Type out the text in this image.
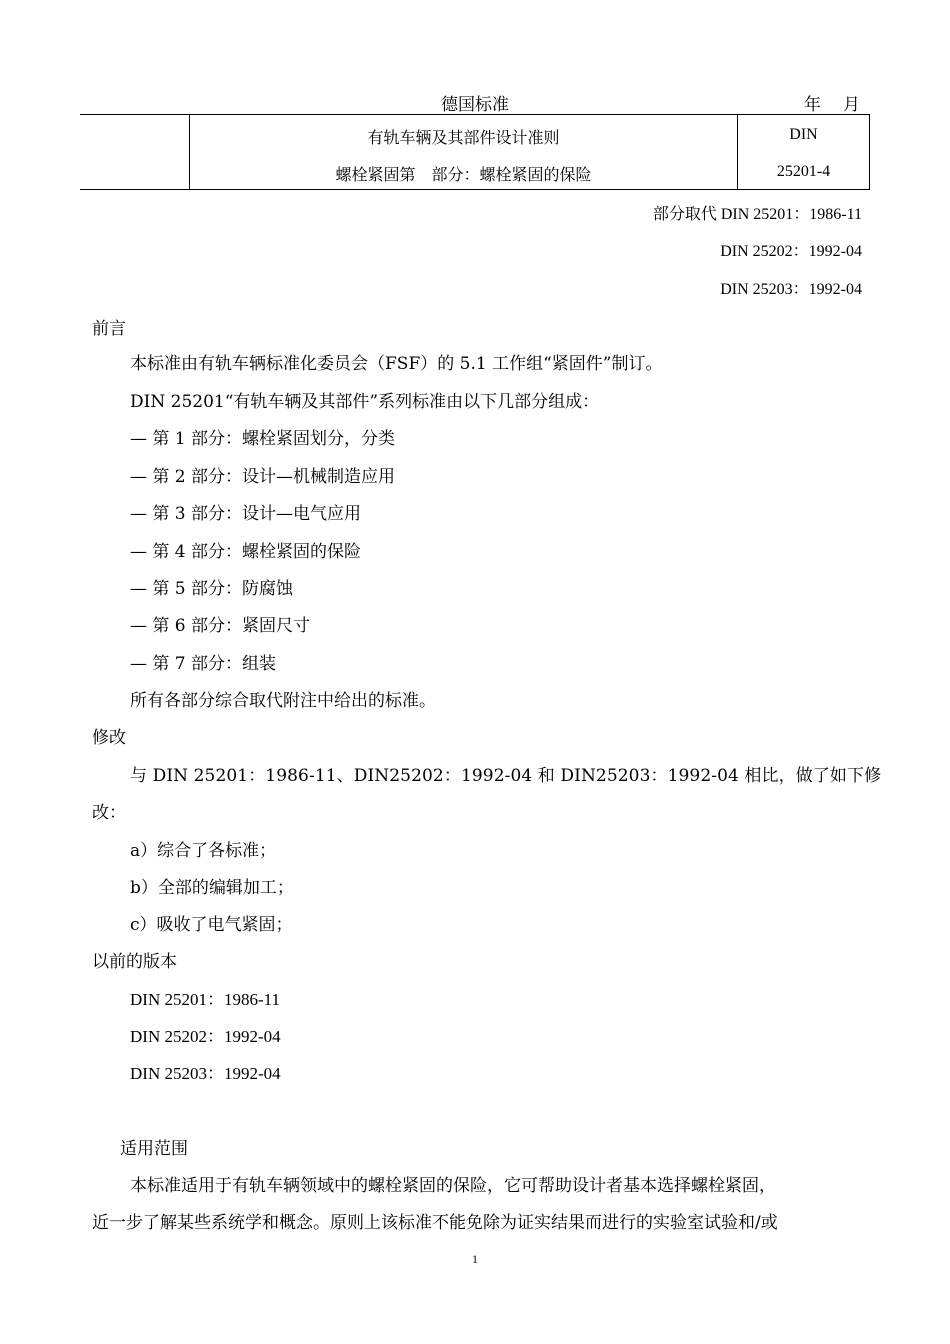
德国标准	年 月
有轨车辆及其部件设计准则
螺栓紧固第　部分：螺栓紧固的保险
DIN
25201-4
部分取代 DIN 25201：1986-11
DIN 25202：1992-04
DIN 25203：1992-04
前言
本标准由有轨车辆标准化委员会（FSF）的 5.1 工作组“紧固件”制订。
DIN 25201“有轨车辆及其部件”系列标准由以下几部分组成：
— 第 1 部分：螺栓紧固划分，分类
— 第 2 部分：设计—机械制造应用
— 第 3 部分：设计—电气应用
— 第 4 部分：螺栓紧固的保险
— 第 5 部分：防腐蚀
— 第 6 部分：紧固尺寸
— 第 7 部分：组装
所有各部分综合取代附注中给出的标准。
修改
与 DIN 25201：1986-11、DIN25202：1992-04 和 DIN25203：1992-04 相比，做了如下修
改：
a）综合了各标准；
b）全部的编辑加工；
c）吸收了电气紧固；
以前的版本
DIN 25201：1986-11
DIN 25202：1992-04
DIN 25203：1992-04
适用范围
本标准适用于有轨车辆领域中的螺栓紧固的保险，它可帮助设计者基本选择螺栓紧固，
近一步了解某些系统学和概念。原则上该标准不能免除为证实结果而进行的实验室试验和/或
1
